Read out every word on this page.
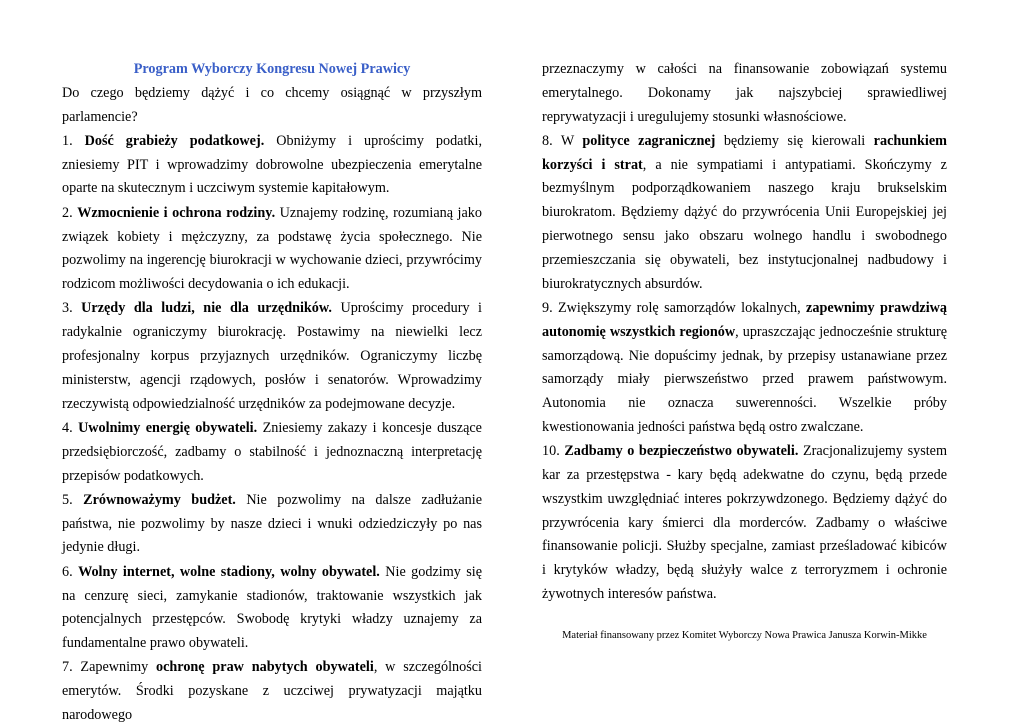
Program Wyborczy Kongresu Nowej Prawicy
Do czego będziemy dążyć i co chcemy osiągnąć w przyszłym parlamencie?
1. Dość grabieży podatkowej. Obniżymy i uprościmy podatki, zniesiemy PIT i wprowadzimy dobrowolne ubezpieczenia emerytalne oparte na skutecznym i uczciwym systemie kapitałowym.
2. Wzmocnienie i ochrona rodziny. Uznajemy rodzinę, rozumianą jako związek kobiety i mężczyzny, za podstawę życia społecznego. Nie pozwolimy na ingerencję biurokracji w wychowanie dzieci, przywrócimy rodzicom możliwości decydowania o ich edukacji.
3. Urzędy dla ludzi, nie dla urzędników. Uprościmy procedury i radykalnie ograniczymy biurokrację. Postawimy na niewielki lecz profesjonalny korpus przyjaznych urzędników. Ograniczymy liczbę ministerstw, agencji rządowych, posłów i senatorów. Wprowadzimy rzeczywistą odpowiedzialność urzędników za podejmowane decyzje.
4. Uwolnimy energię obywateli. Zniesiemy zakazy i koncesje duszące przedsiębiorczość, zadbamy o stabilność i jednoznaczną interpretację przepisów podatkowych.
5. Zrównoważymy budżet. Nie pozwolimy na dalsze zadłużanie państwa, nie pozwolimy by nasze dzieci i wnuki odziedziczyły po nas jedynie długi.
6. Wolny internet, wolne stadiony, wolny obywatel. Nie godzimy się na cenzurę sieci, zamykanie stadionów, traktowanie wszystkich jak potencjalnych przestępców. Swobodę krytyki władzy uznajemy za fundamentalne prawo obywateli.
7. Zapewnimy ochronę praw nabytych obywateli, w szczególności emerytów. Środki pozyskane z uczciwej prywatyzacji majątku narodowego
przeznaczymy w całości na finansowanie zobowiązań systemu emerytalnego. Dokonamy jak najszybciej sprawiedliwej reprywatyzacji i uregulujemy stosunki własnościowe.
8. W polityce zagranicznej będziemy się kierowali rachunkiem korzyści i strat, a nie sympatiami i antypatiami. Skończymy z bezmyślnym podporządkowaniem naszego kraju brukselskim biurokratom. Będziemy dążyć do przywrócenia Unii Europejskiej jej pierwotnego sensu jako obszaru wolnego handlu i swobodnego przemieszczania się obywateli, bez instytucjonalnej nadbudowy i biurokratycznych absurdów.
9. Zwiększymy rolę samorządów lokalnych, zapewnimy prawdziwą autonomię wszystkich regionów, upraszczając jednocześnie strukturę samorządową. Nie dopuścimy jednak, by przepisy ustanawiane przez samorządy miały pierwszeństwo przed prawem państwowym. Autonomia nie oznacza suwerenności. Wszelkie próby kwestionowania jedności państwa będą ostro zwalczane.
10. Zadbamy o bezpieczeństwo obywateli. Zracjonalizujemy system kar za przestępstwa - kary będą adekwatne do czynu, będą przede wszystkim uwzględniać interes pokrzywdzonego. Będziemy dążyć do przywrócenia kary śmierci dla morderców. Zadbamy o właściwe finansowanie policji. Służby specjalne, zamiast prześladować kibiców i krytyków władzy, będą służyły walce z terroryzmem i ochronie żywotnych interesów państwa.
Materiał finansowany przez Komitet Wyborczy Nowa Prawica Janusza Korwin-Mikke
